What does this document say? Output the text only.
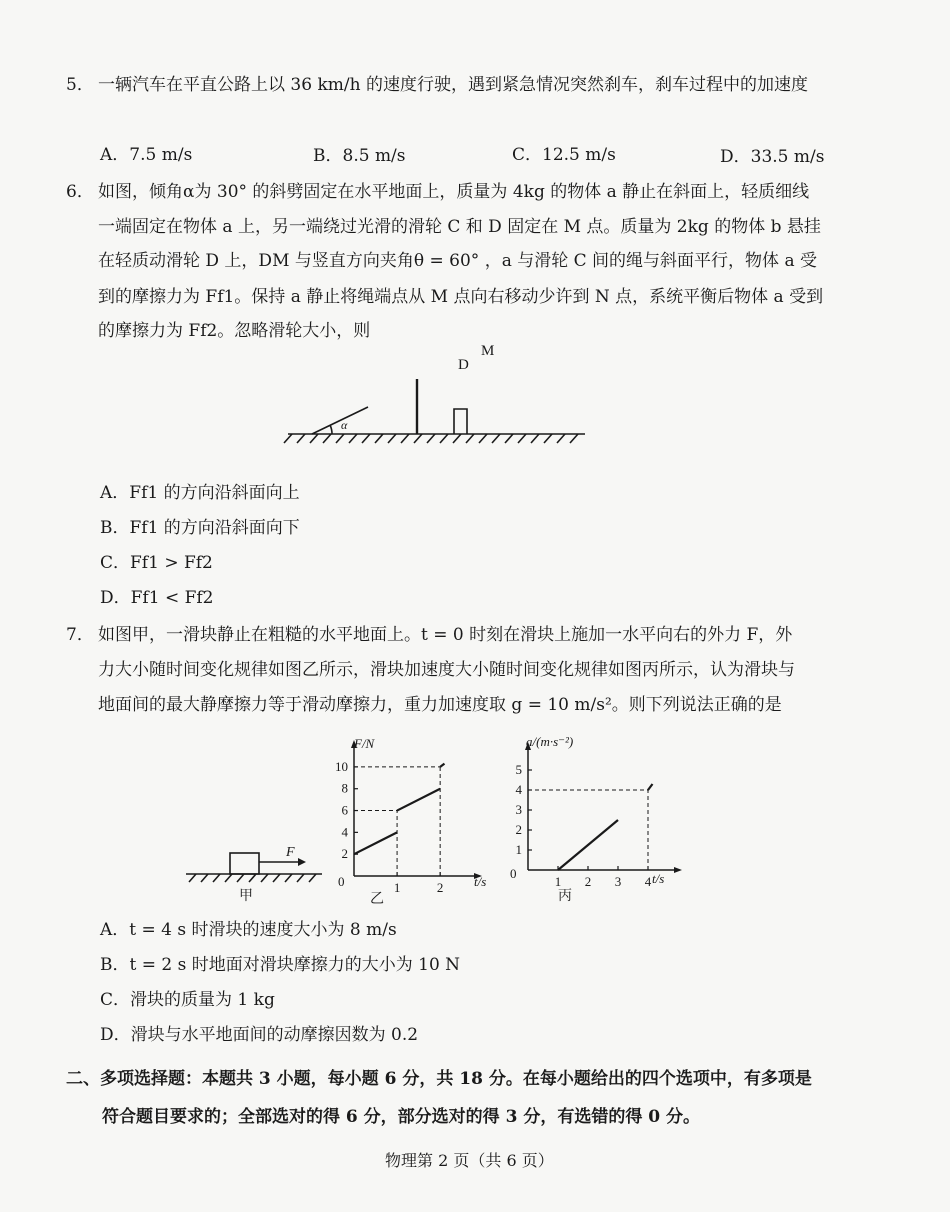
5． 一辆汽车在平直公路上以 36 km/h 的速度行驶，遇到紧急情况突然刹车，刹车过程中的加速度
A．7.5 m/s	B．8.5 m/s	C．12.5 m/s	D．33.5 m/s
6． 如图，倾角α为 30° 的斜劈固定在水平地面上，质量为 4kg 的物体 a 静止在斜面上，轻质细线
一端固定在物体 a 上，另一端绕过光滑的滑轮 C 和 D 固定在 M 点。质量为 2kg 的物体 b 悬挂
在轻质动滑轮 D 上，DM 与竖直方向夹角θ = 60° ，a 与滑轮 C 间的绳与斜面平行，物体 a 受
到的摩擦力为 Ff1。保持 a 静止将绳端点从 M 点向右移动少许到 N 点，系统平衡后物体 a 受到
的摩擦力为 Ff2。忽略滑轮大小，则
α
D
M
A．Ff1 的方向沿斜面向上
B．Ff1 的方向沿斜面向下
C．Ff1 > Ff2
D．Ff1 < Ff2
7． 如图甲，一滑块静止在粗糙的水平地面上。t = 0 时刻在滑块上施加一水平向右的外力 F，外
力大小随时间变化规律如图乙所示，滑块加速度大小随时间变化规律如图丙所示，认为滑块与
地面间的最大静摩擦力等于滑动摩擦力，重力加速度取 g = 10 m/s²。则下列说法正确的是
F
甲
2
4
6
8
10
1	2
F/N
t/s
0
乙
1
2
3
4
5
1 2 3 4
a/(m·s⁻²)
t/s
0
丙
A．t = 4 s 时滑块的速度大小为 8 m/s
B．t = 2 s 时地面对滑块摩擦力的大小为 10 N
C．滑块的质量为 1 kg
D．滑块与水平地面间的动摩擦因数为 0.2
二、多项选择题：本题共 3 小题，每小题 6 分，共 18 分。在每小题给出的四个选项中，有多项是
符合题目要求的；全部选对的得 6 分，部分选对的得 3 分，有选错的得 0 分。
物理第 2 页（共 6 页）
